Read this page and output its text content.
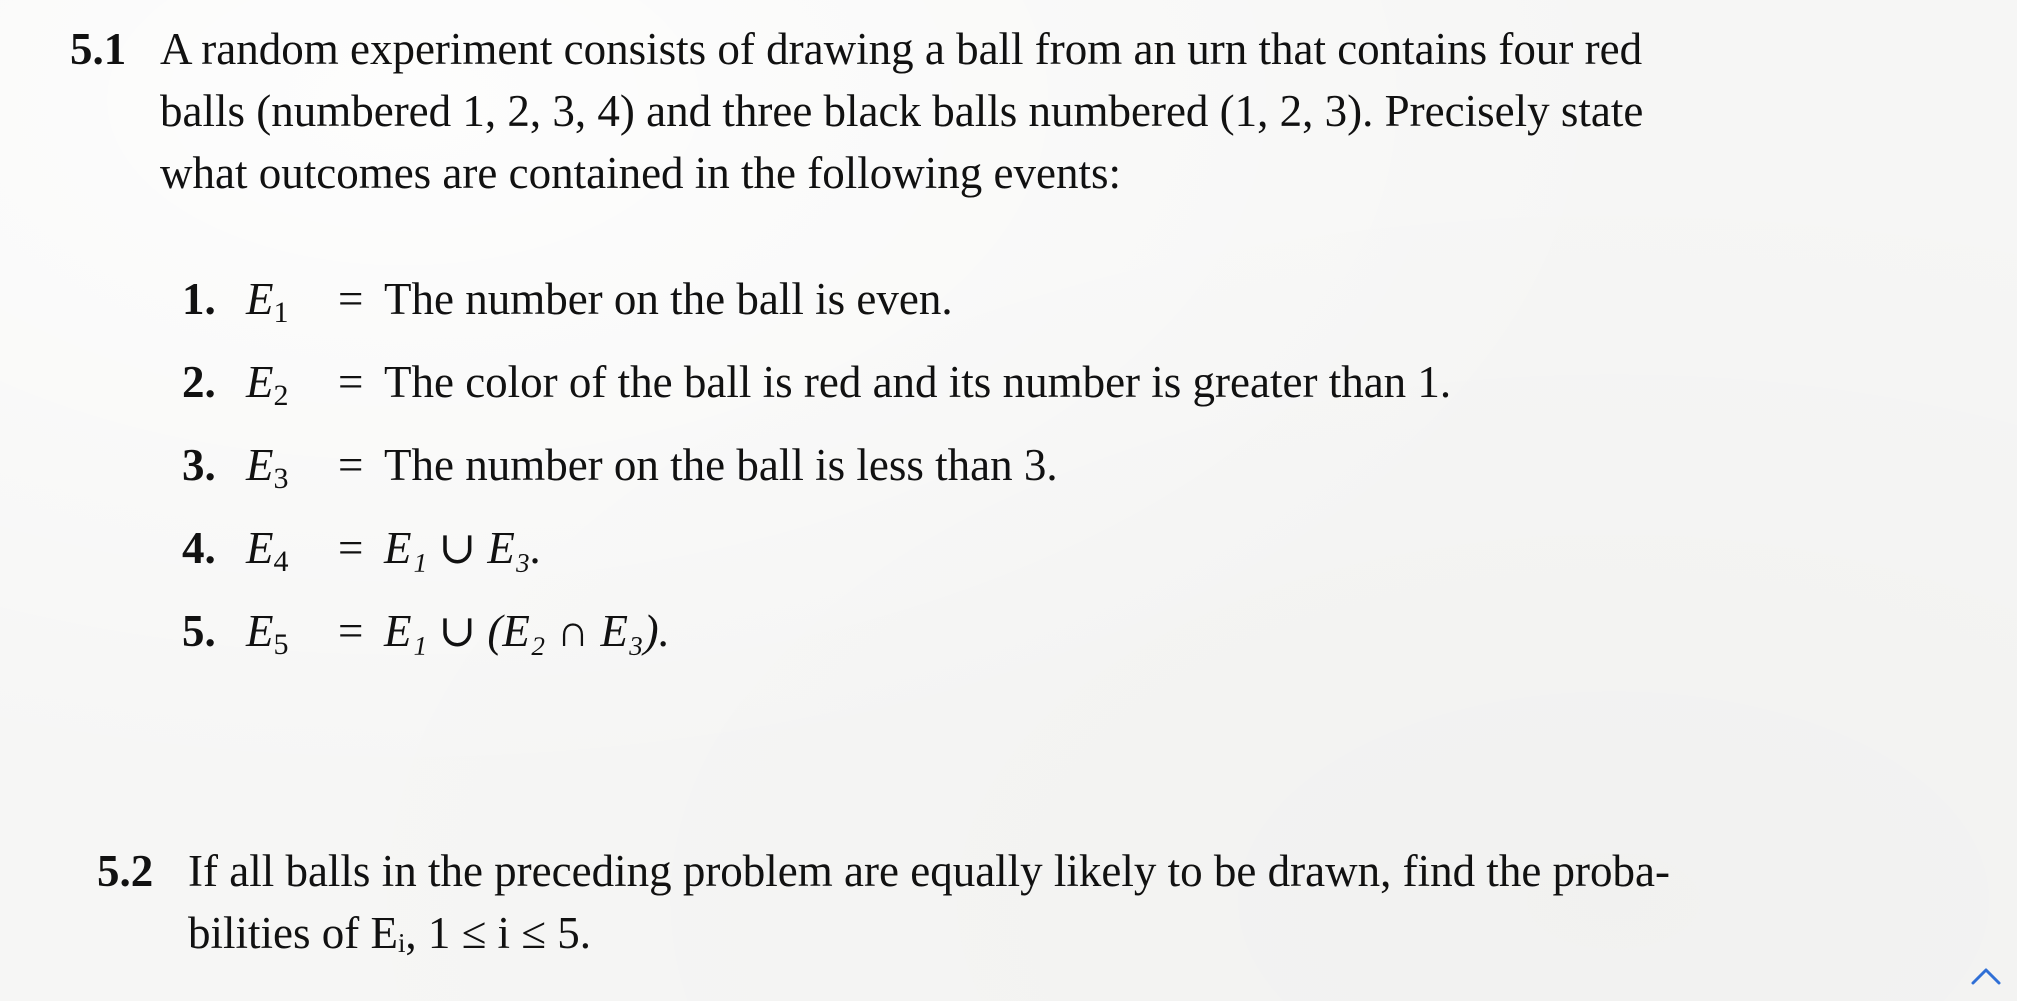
5.1 A random experiment consists of drawing a ball from an urn that contains four red
balls (numbered 1, 2, 3, 4) and three black balls numbered (1, 2, 3). Precisely state
what outcomes are contained in the following events:
1. $E_1$ = The number on the ball is even.
2. $E_2$ = The color of the ball is red and its number is greater than 1.
3. $E_3$ = The number on the ball is less than 3.
4. $E_4 = E_1$ ∪ E₃.
5. $E_5 = E_1$ ∪ (E₂ ∩ E₃).
5.2 If all balls in the preceding problem are equally likely to be drawn, find the proba-
bilities of Eᵢ, 1 ≤ i ≤ 5.
